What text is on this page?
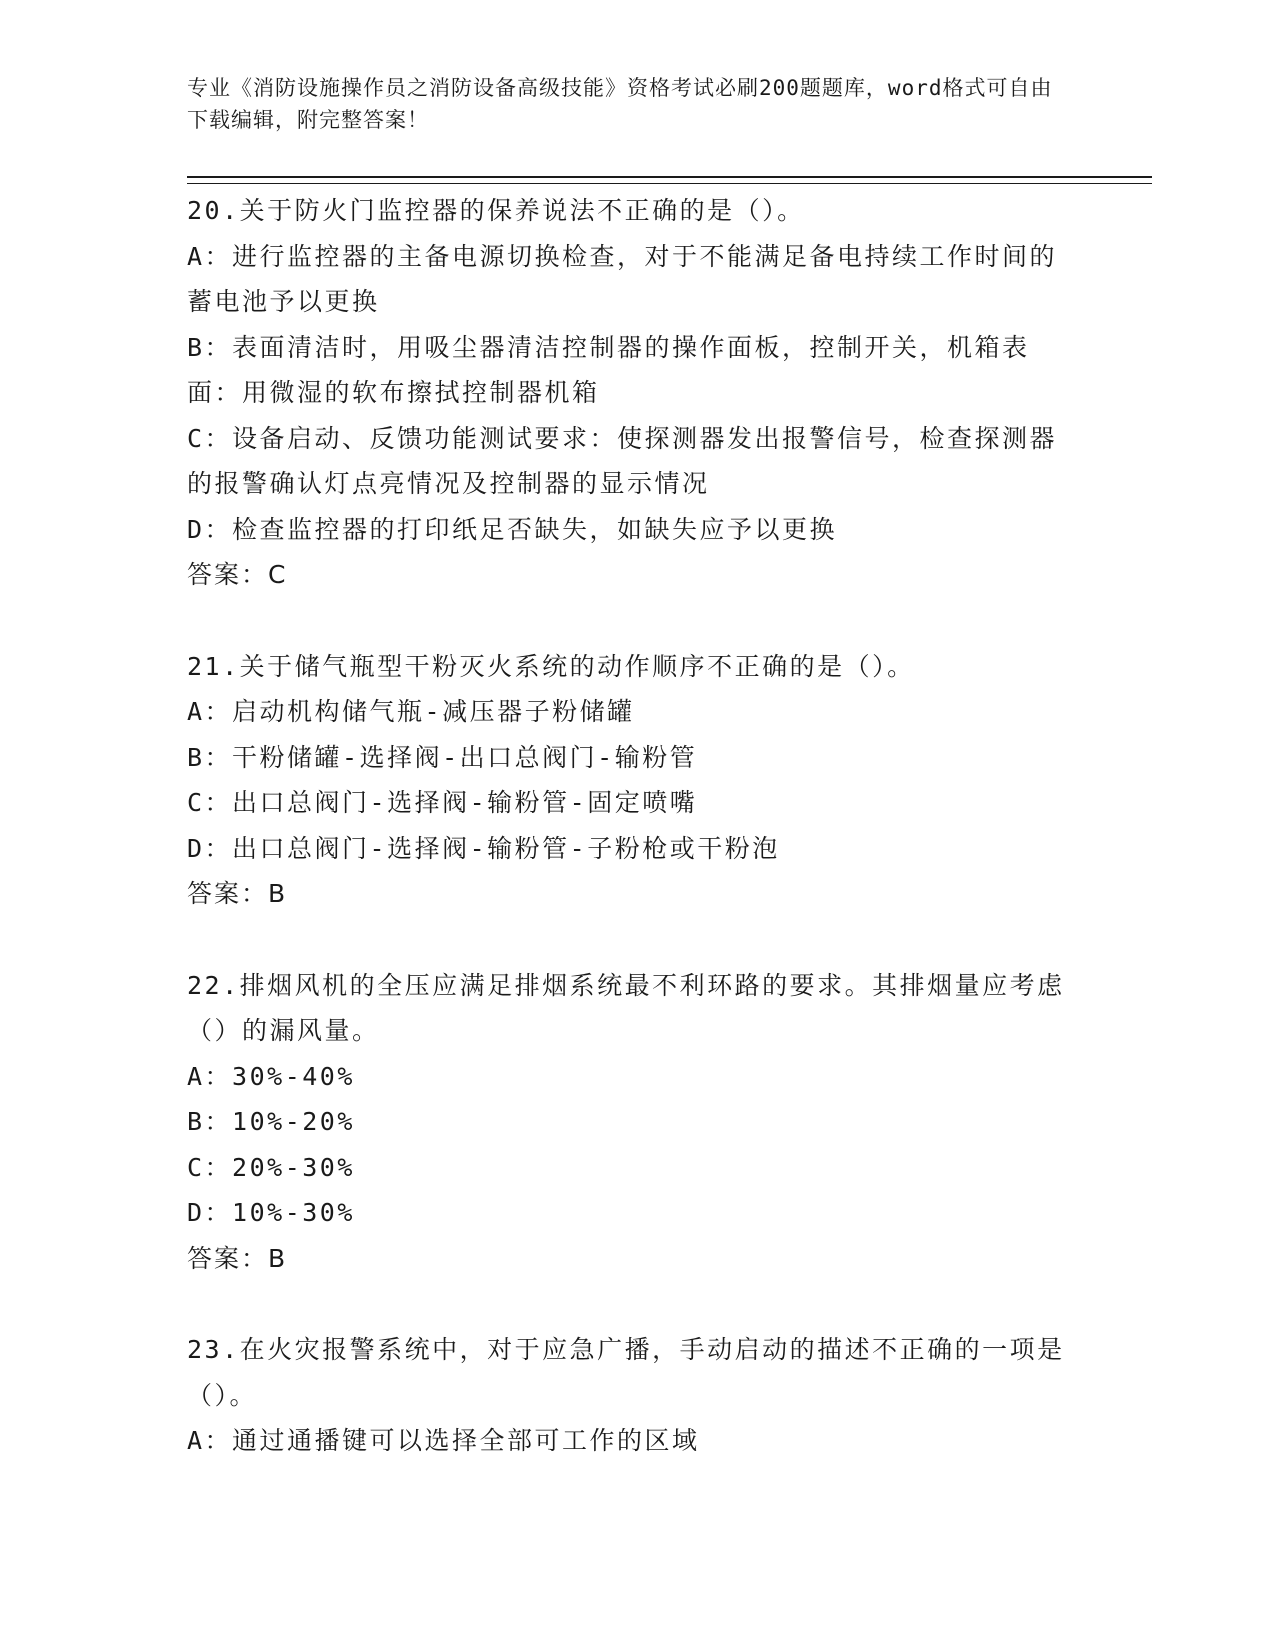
专业《消防设施操作员之消防设备高级技能》资格考试必刷200题题库，word格式可自由下载编辑，附完整答案！
20.关于防火门监控器的保养说法不正确的是（）。
A：进行监控器的主备电源切换检查，对于不能满足备电持续工作时间的蓄电池予以更换
B：表面清洁时，用吸尘器清洁控制器的操作面板，控制开关，机箱表面：用微湿的软布擦拭控制器机箱
C：设备启动、反馈功能测试要求：使探测器发出报警信号，检查探测器的报警确认灯点亮情况及控制器的显示情况
D：检查监控器的打印纸足否缺失，如缺失应予以更换
答案：C
21.关于储气瓶型干粉灭火系统的动作顺序不正确的是（）。
A：启动机构储气瓶-减压器子粉储罐
B：干粉储罐-选择阀-出口总阀门-输粉管
C：出口总阀门-选择阀-输粉管-固定喷嘴
D：出口总阀门-选择阀-输粉管-子粉枪或干粉泡
答案：B
22.排烟风机的全压应满足排烟系统最不利环路的要求。其排烟量应考虑（）的漏风量。
A：30%-40%
B：10%-20%
C：20%-30%
D：10%-30%
答案：B
23.在火灾报警系统中，对于应急广播，手动启动的描述不正确的一项是（）。
A：通过通播键可以选择全部可工作的区域
